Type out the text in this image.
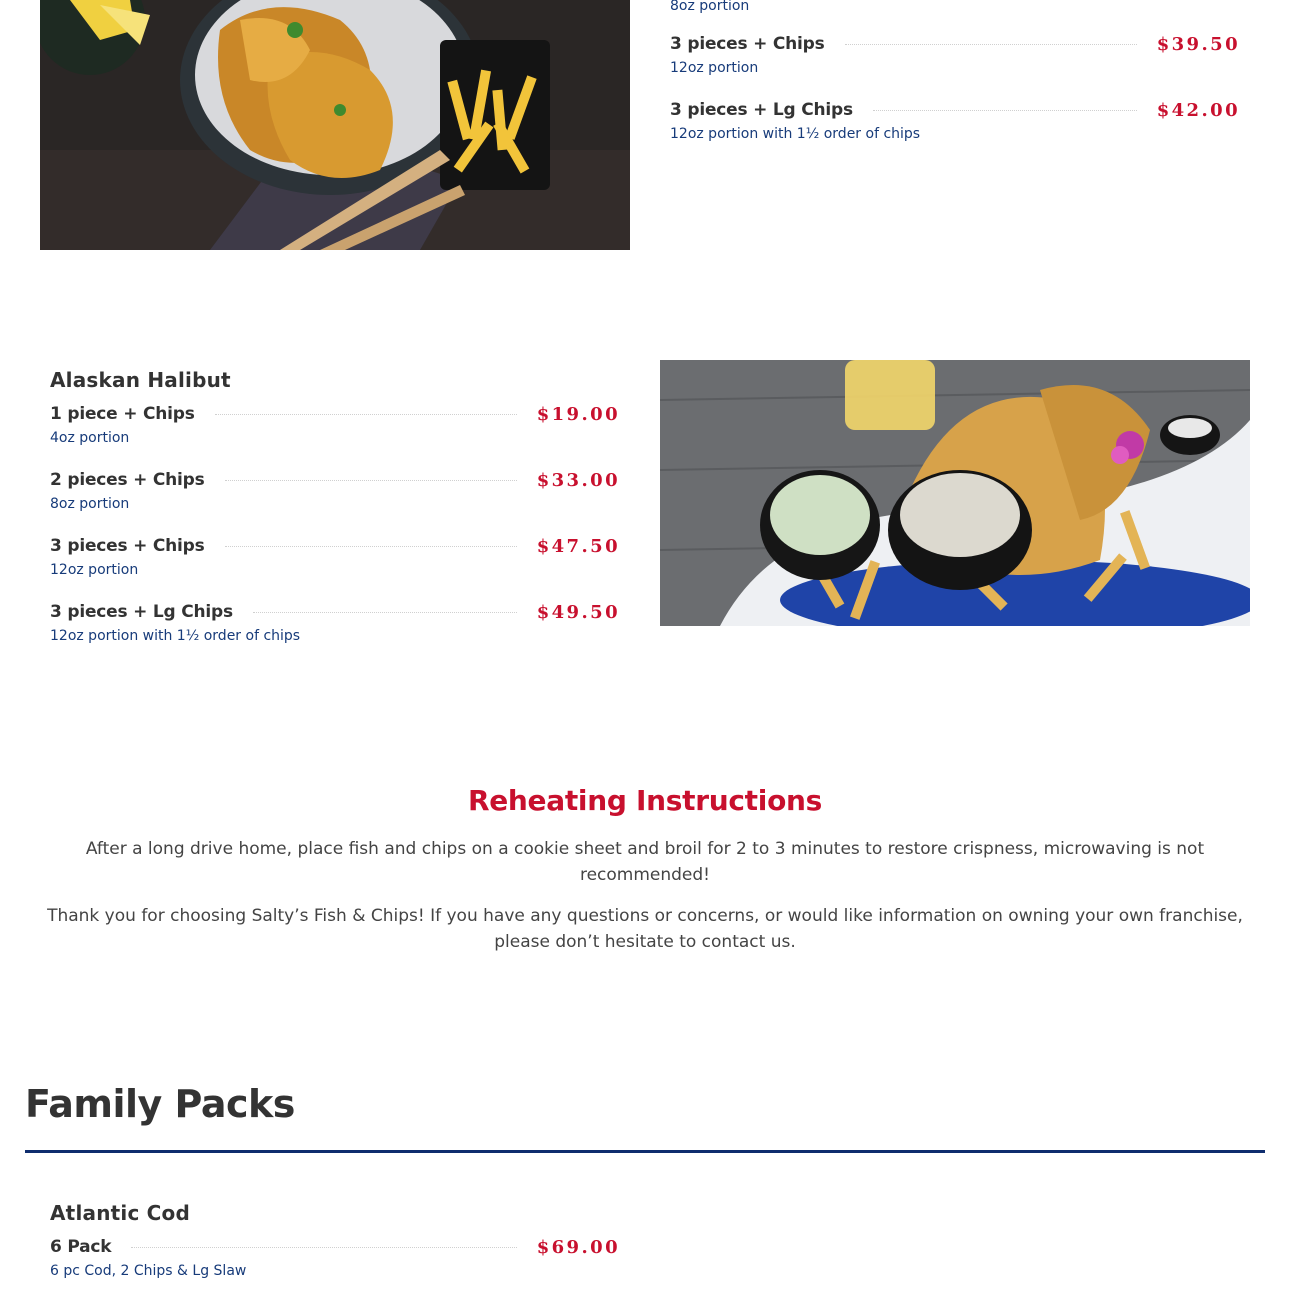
8oz portion
3 pieces + Chips	$39.50
12oz portion
3 pieces + Lg Chips	$42.00
12oz portion with 1½ order of chips
Alaskan Halibut
1 piece + Chips	$19.00
4oz portion
2 pieces + Chips	$33.00
8oz portion
3 pieces + Chips	$47.50
12oz portion
3 pieces + Lg Chips	$49.50
12oz portion with 1½ order of chips
Reheating Instructions
After a long drive home, place fish and chips on a cookie sheet and broil for 2 to 3 minutes to restore crispness, microwaving is not recommended!
Thank you for choosing Salty’s Fish & Chips! If you have any questions or concerns, or would like information on owning your own franchise, please don’t hesitate to contact us.
Family Packs
Atlantic Cod
6 Pack	$69.00
6 pc Cod, 2 Chips & Lg Slaw
